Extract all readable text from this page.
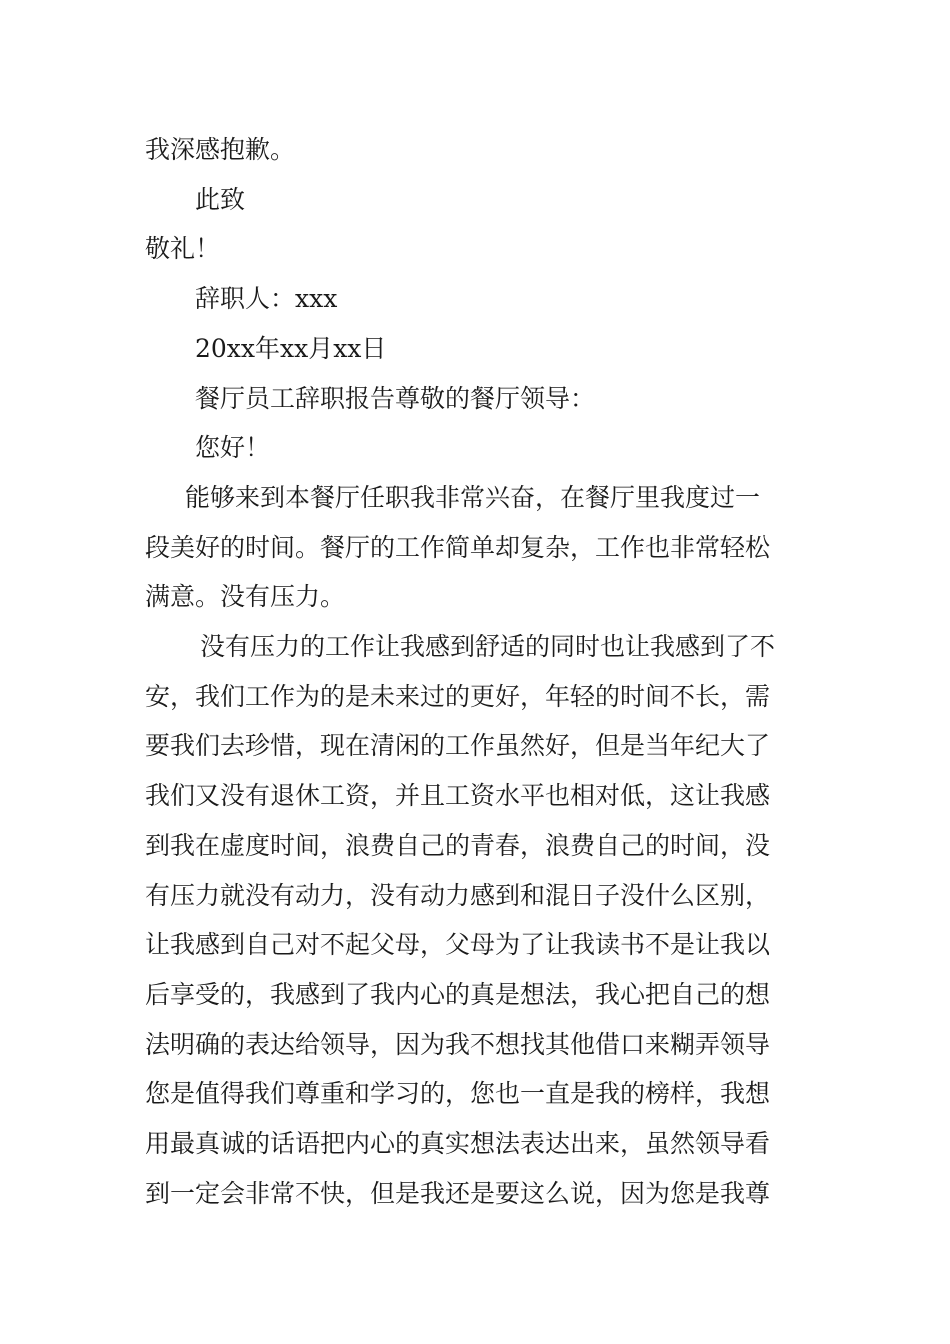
我深感抱歉。

此致

敬礼！

辞职人：xxx

20xx年xx月xx日

餐厅员工辞职报告尊敬的餐厅领导：

您好！

能够来到本餐厅任职我非常兴奋，在餐厅里我度过一

段美好的时间。餐厅的工作简单却复杂，工作也非常轻松

满意。没有压力。

没有压力的工作让我感到舒适的同时也让我感到了不

安，我们工作为的是未来过的更好，年轻的时间不长，需

要我们去珍惜，现在清闲的工作虽然好，但是当年纪大了

我们又没有退休工资，并且工资水平也相对低，这让我感

到我在虚度时间，浪费自己的青春，浪费自己的时间，没

有压力就没有动力，没有动力感到和混日子没什么区别，

让我感到自己对不起父母，父母为了让我读书不是让我以

后享受的，我感到了我内心的真是想法，我心把自己的想

法明确的表达给领导，因为我不想找其他借口来糊弄领导

您是值得我们尊重和学习的，您也一直是我的榜样，我想

用最真诚的话语把内心的真实想法表达出来，虽然领导看

到一定会非常不快，但是我还是要这么说，因为您是我尊
